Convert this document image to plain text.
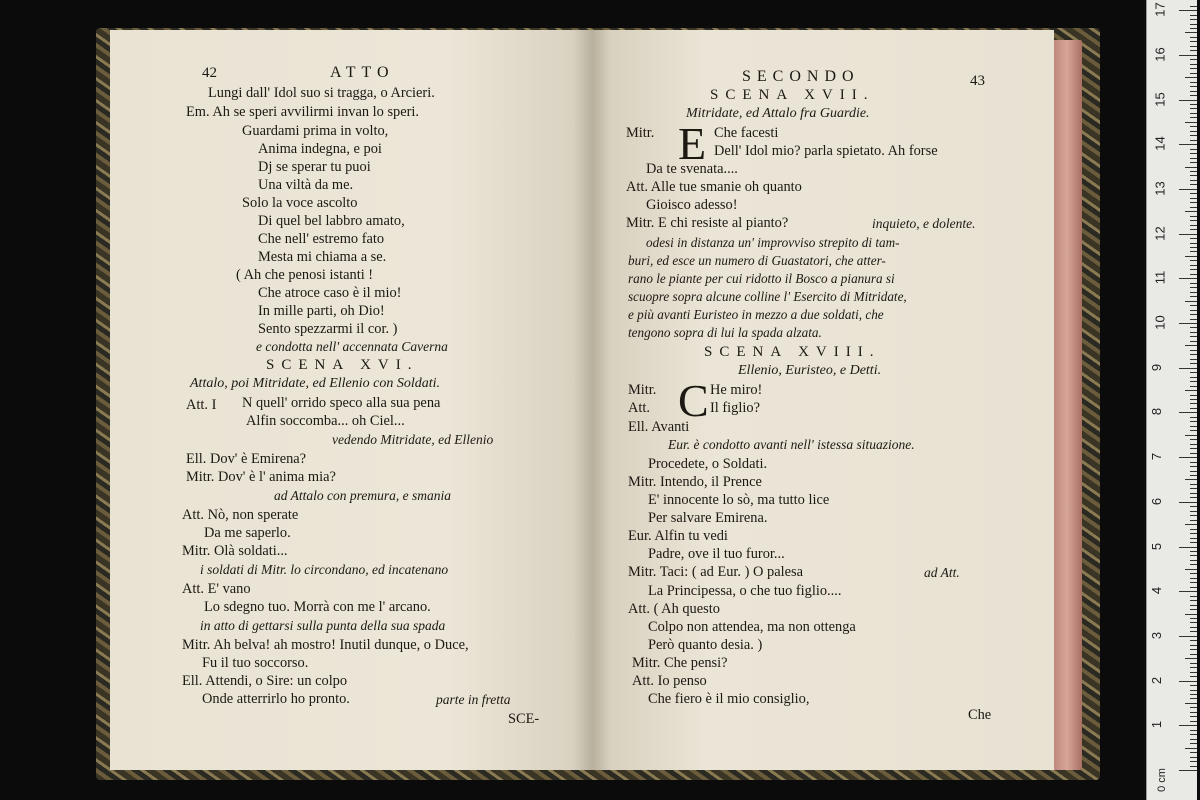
42	ATTO
Lungi dall' Idol suo si tragga, o Arcieri.
Em. Ah se speri avvilirmi invan lo speri.
Guardami prima in volto,
Anima indegna, e poi
Dj se sperar tu puoi
Una viltà da me.
Solo la voce ascolto
Di quel bel labbro amato,
Che nell' estremo fato
Mesta mi chiama a se.
( Ah che penosi istanti !
Che atroce caso è il mio!
In mille parti, oh Dio!
Sento spezzarmi il cor. )
e condotta nell' accennata Caverna
SCENA XVI.
Attalo, poi Mitridate, ed Ellenio con Soldati.
Att. I N quell' orrido speco alla sua pena
Alfin soccomba... oh Ciel...
vedendo Mitridate, ed Ellenio
Ell. Dov' è Emirena?
Mitr. Dov' è l' anima mia?
ad Attalo con premura, e smania
Att. Nò, non sperate
Da me saperlo.
Mitr. Olà soldati...
i soldati di Mitr. lo circondano, ed incatenano
Att. E' vano
Lo sdegno tuo. Morrà con me l' arcano.
in atto di gettarsi sulla punta della sua spada
Mitr. Ah belva! ah mostro! Inutil dunque, o Duce,
Fu il tuo soccorso.
Ell. Attendi, o Sire: un colpo
Onde atterrirlo ho pronto.	parte in fretta
SCE-
SECONDO	43
SCENA XVII.
Mitridate, ed Attalo fra Guardie.
Mitr. E Che facesti
Dell' Idol mio? parla spietato. Ah forse
Da te svenata....
Att. Alle tue smanie oh quanto
Gioisco adesso!
Mitr. E chi resiste al pianto?	inquieto, e dolente.
odesi in distanza un' improvviso strepito di tam-
buri, ed esce un numero di Guastatori, che atter-
rano le piante per cui ridotto il Bosco a pianura si
scuopre sopra alcune colline l' Esercito di Mitridate,
e più avanti Euristeo in mezzo a due soldati, che
tengono sopra di lui la spada alzata.
SCENA XVIII.
Ellenio, Euristeo, e Detti.
Mitr. C He miro!
Att.	Il figlio?
Ell. Avanti
Eur. è condotto avanti nell' istessa situazione.
Procedete, o Soldati.
Mitr. Intendo, il Prence
E' innocente lo sò, ma tutto lice
Per salvare Emirena.
Eur. Alfin tu vedi
Padre, ove il tuo furor...
Mitr. Taci: ( ad Eur. ) O palesa	ad Att.
La Principessa, o che tuo figlio....
Att. ( Ah questo
Colpo non attendea, ma non ottenga
Però quanto desia. )
Mitr. Che pensi?
Att. Io penso
Che fiero è il mio consiglio,
Che
0 cm
1
2
3
4
5
6
7
8
9
10
11
12
13
14
15
16
17
